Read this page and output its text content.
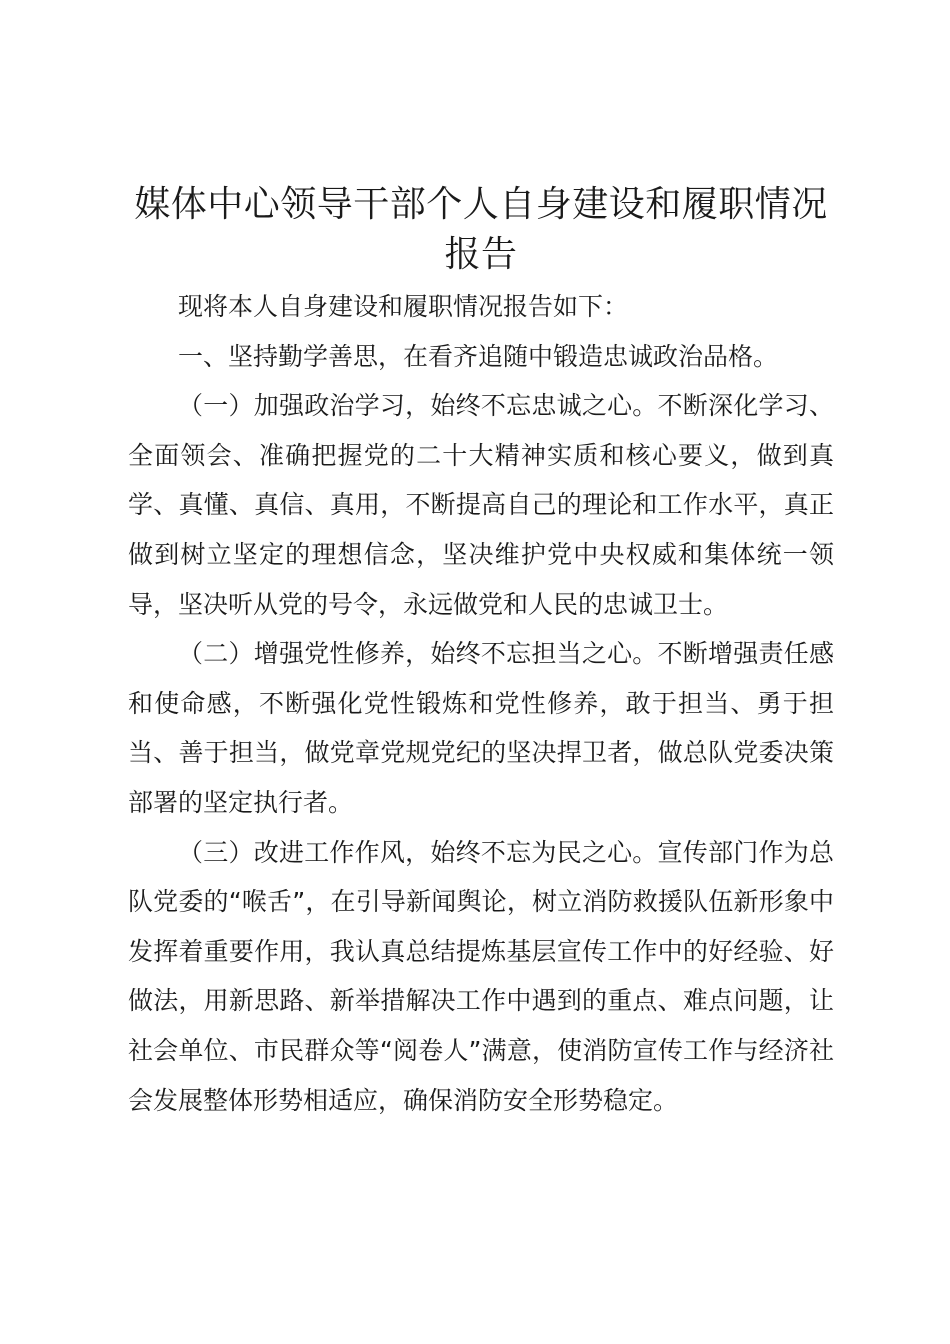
媒体中心领导干部个人自身建设和履职情况报告

现将本人自身建设和履职情况报告如下：

一、坚持勤学善思，在看齐追随中锻造忠诚政治品格。

（一）加强政治学习，始终不忘忠诚之心。不断深化学习、全面领会、准确把握党的二十大精神实质和核心要义，做到真学、真懂、真信、真用，不断提高自己的理论和工作水平，真正做到树立坚定的理想信念，坚决维护党中央权威和集体统一领导，坚决听从党的号令，永远做党和人民的忠诚卫士。

（二）增强党性修养，始终不忘担当之心。不断增强责任感和使命感，不断强化党性锻炼和党性修养，敢于担当、勇于担当、善于担当，做党章党规党纪的坚决捍卫者，做总队党委决策部署的坚定执行者。

（三）改进工作作风，始终不忘为民之心。宣传部门作为总队党委的“喉舌”，在引导新闻舆论，树立消防救援队伍新形象中发挥着重要作用，我认真总结提炼基层宣传工作中的好经验、好做法，用新思路、新举措解决工作中遇到的重点、难点问题，让社会单位、市民群众等“阅卷人”满意，使消防宣传工作与经济社会发展整体形势相适应，确保消防安全形势稳定。
